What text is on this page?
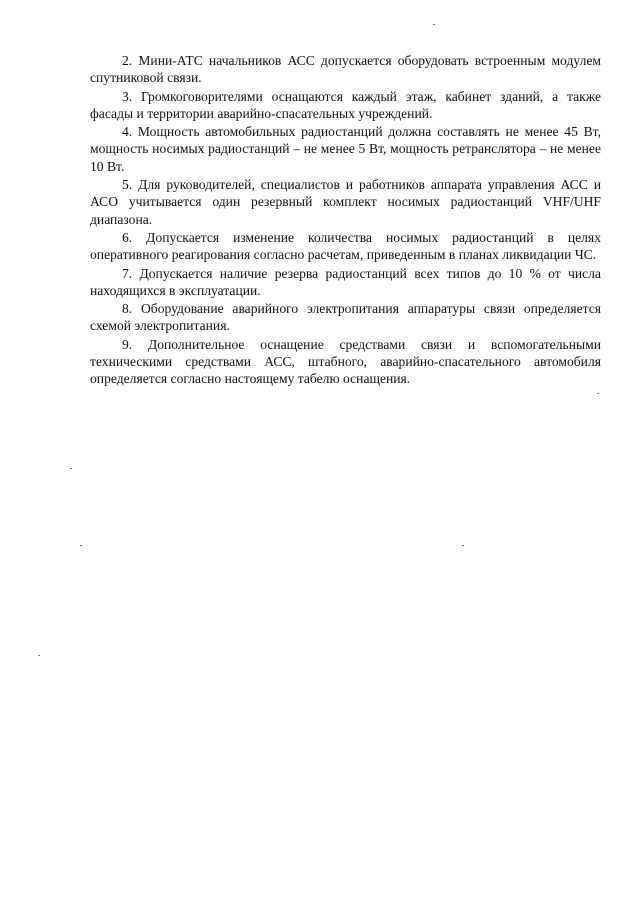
2. Мини-АТС начальников АСС допускается оборудовать встроенным модулем спутниковой связи.

3. Громкоговорителями оснащаются каждый этаж, кабинет зданий, а также фасады и территории аварийно-спасательных учреждений.

4. Мощность автомобильных радиостанций должна составлять не менее 45 Вт, мощность носимых радиостанций – не менее 5 Вт, мощность ретранслятора – не менее 10 Вт.

5. Для руководителей, специалистов и работников аппарата управления АСС и АСО учитывается один резервный комплект носимых радиостанций VHF/UHF диапазона.

6. Допускается изменение количества носимых радиостанций в целях оперативного реагирования согласно расчетам, приведенным в планах ликвидации ЧС.

7. Допускается наличие резерва радиостанций всех типов до 10 % от числа находящихся в эксплуатации.

8. Оборудование аварийного электропитания аппаратуры связи определяется схемой электропитания.

9. Дополнительное оснащение средствами связи и вспомогательными техническими средствами АСС, штабного, аварийно-спасательного автомобиля определяется согласно настоящему табелю оснащения.
